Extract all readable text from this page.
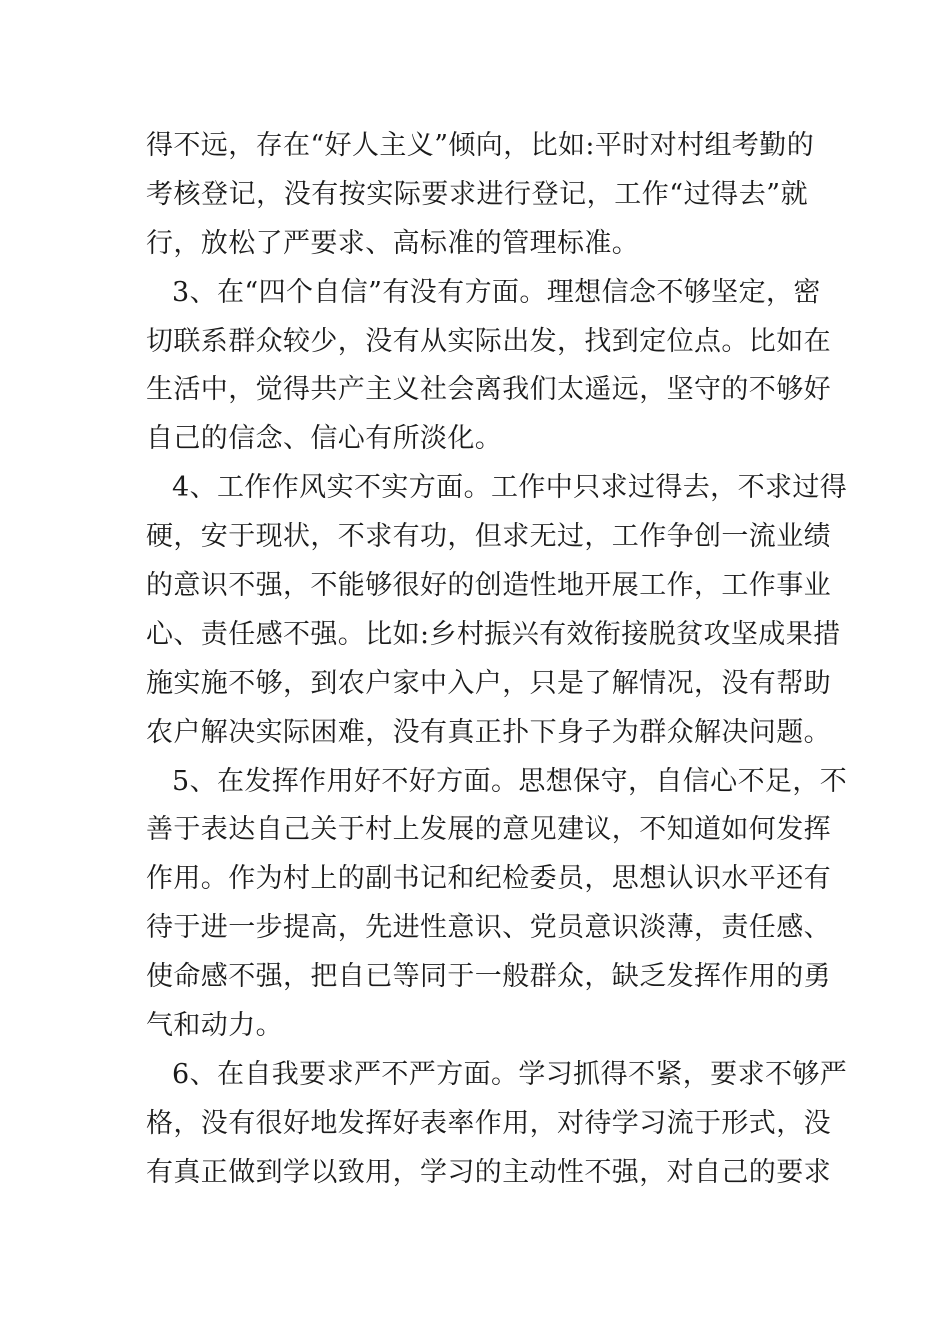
得不远，存在“好人主义”倾向，比如:平时对村组考勤的
考核登记，没有按实际要求进行登记，工作“过得去”就
行，放松了严要求、高标准的管理标准。
3、在“四个自信”有没有方面。理想信念不够坚定，密
切联系群众较少，没有从实际出发，找到定位点。比如在
生活中，觉得共产主义社会离我们太遥远，坚守的不够好
自己的信念、信心有所淡化。
4、工作作风实不实方面。工作中只求过得去，不求过得
硬，安于现状，不求有功，但求无过，工作争创一流业绩
的意识不强，不能够很好的创造性地开展工作，工作事业
心、责任感不强。比如:乡村振兴有效衔接脱贫攻坚成果措
施实施不够，到农户家中入户，只是了解情况，没有帮助
农户解决实际困难，没有真正扑下身子为群众解决问题。
5、在发挥作用好不好方面。思想保守，自信心不足，不
善于表达自己关于村上发展的意见建议，不知道如何发挥
作用。作为村上的副书记和纪检委员，思想认识水平还有
待于进一步提高，先进性意识、党员意识淡薄，责任感、
使命感不强，把自已等同于一般群众，缺乏发挥作用的勇
气和动力。
6、在自我要求严不严方面。学习抓得不紧，要求不够严
格，没有很好地发挥好表率作用，对待学习流于形式，没
有真正做到学以致用，学习的主动性不强，对自己的要求
